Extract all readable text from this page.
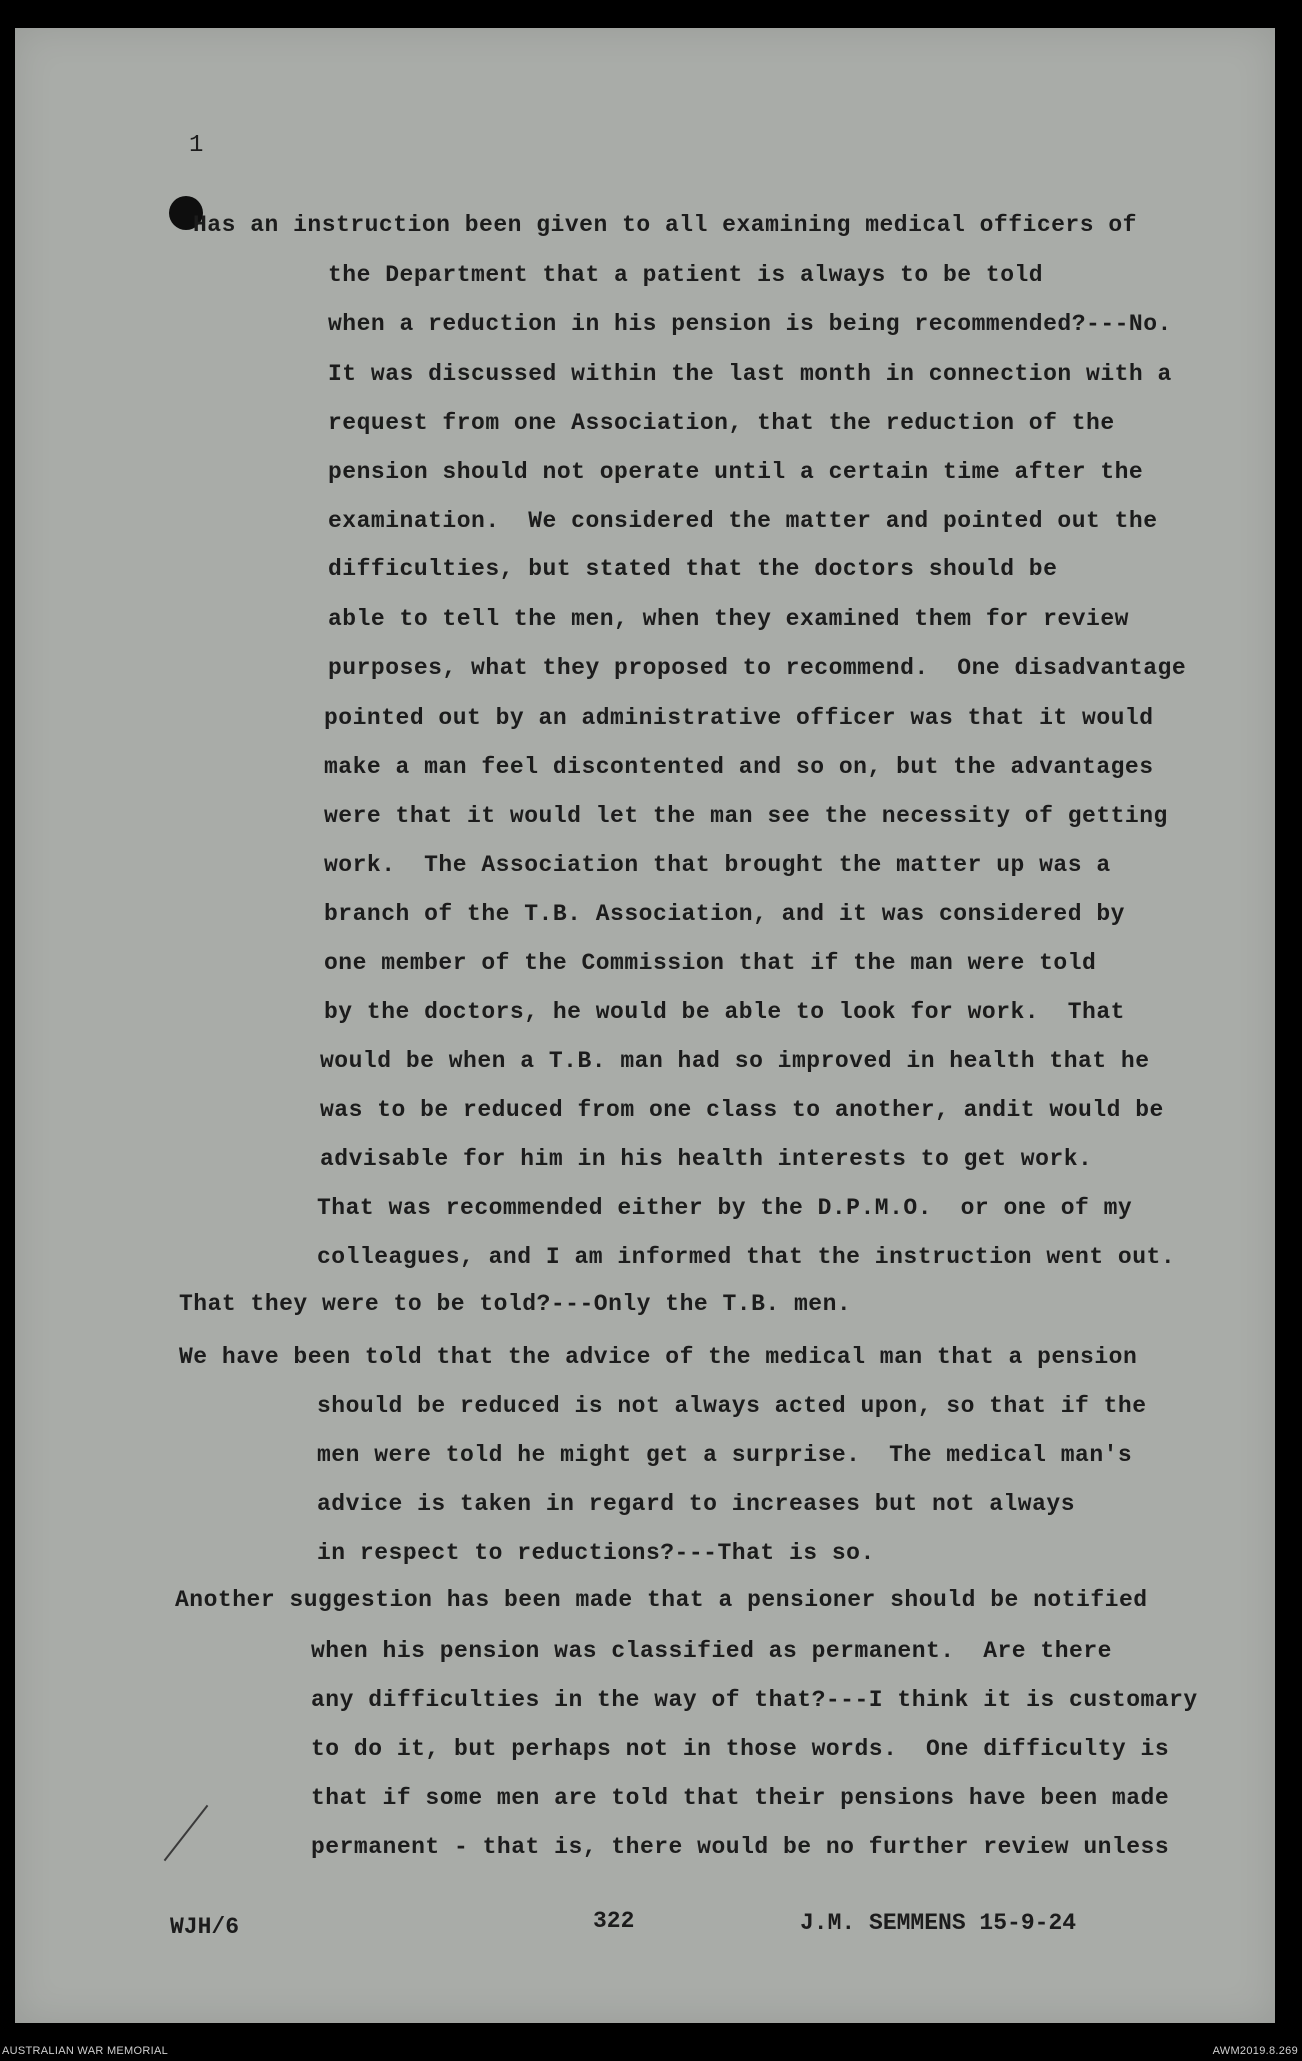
1
Has an instruction been given to all examining medical officers of
the Department that a patient is always to be told
when a reduction in his pension is being recommended?---No.
It was discussed within the last month in connection with a
request from one Association, that the reduction of the
pension should not operate until a certain time after the
examination.  We considered the matter and pointed out the
difficulties, but stated that the doctors should be
able to tell the men, when they examined them for review
purposes, what they proposed to recommend.  One disadvantage
pointed out by an administrative officer was that it would
make a man feel discontented and so on, but the advantages
were that it would let the man see the necessity of getting
work.  The Association that brought the matter up was a
branch of the T.B. Association, and it was considered by
one member of the Commission that if the man were told
by the doctors, he would be able to look for work.  That
would be when a T.B. man had so improved in health that he
was to be reduced from one class to another, andit would be
advisable for him in his health interests to get work.
That was recommended either by the D.P.M.O.  or one of my
colleagues, and I am informed that the instruction went out.
That they were to be told?---Only the T.B. men.
We have been told that the advice of the medical man that a pension
should be reduced is not always acted upon, so that if the
men were told he might get a surprise.  The medical man's
advice is taken in regard to increases but not always
in respect to reductions?---That is so.
Another suggestion has been made that a pensioner should be notified
when his pension was classified as permanent.  Are there
any difficulties in the way of that?---I think it is customary
to do it, but perhaps not in those words.  One difficulty is
that if some men are told that their pensions have been made
permanent - that is, there would be no further review unless
WJH/6	322	J.M. SEMMENS 15-9-24
AUSTRALIAN WAR MEMORIAL	AWM2019.8.269
